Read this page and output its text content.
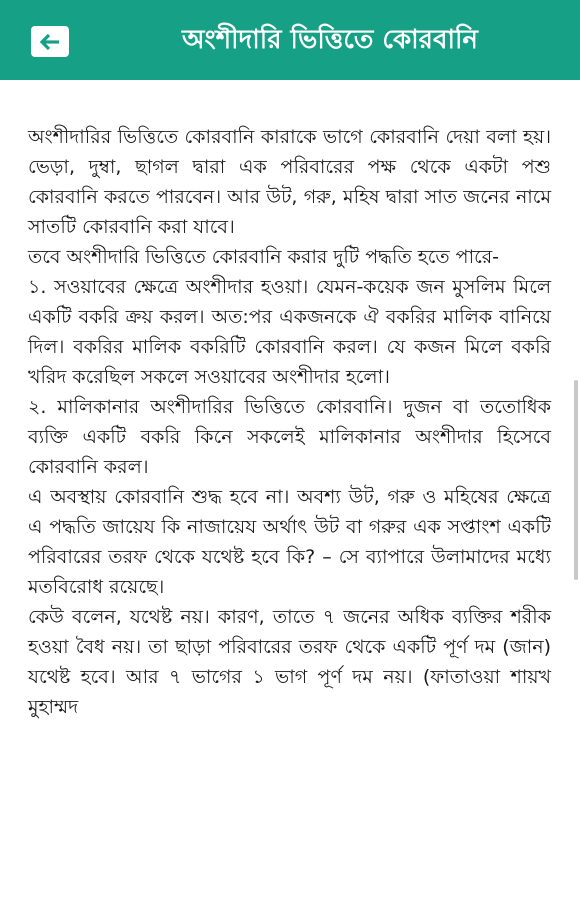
অংশীদারি ভিত্তিতে কোরবানি

অংশীদারির ভিত্তিতে কোরবানি কারাকে ভাগে কোরবানি দেয়া বলা হয়। ভেড়া, দুম্বা, ছাগল দ্বারা এক পরিবারের পক্ষ থেকে একটা পশু কোরবানি করতে পারবেন। আর উট, গরু, মহিষ দ্বারা সাত জনের নামে সাতটি কোরবানি করা যাবে।

তবে অংশীদারি ভিত্তিতে কোরবানি করার দুটি পদ্ধতি হতে পারে-

১. সওয়াবের ক্ষেত্রে অংশীদার হওয়া। যেমন-কয়েক জন মুসলিম মিলে একটি বকরি ক্রয় করল। অত:পর একজনকে ঐ বকরির মালিক বানিয়ে দিল। বকরির মালিক বকরিটি কোরবানি করল। যে কজন মিলে বকরি খরিদ করেছিল সকলে সওয়াবের অংশীদার হলো।

২. মালিকানার অংশীদারির ভিত্তিতে কোরবানি। দুজন বা ততোধিক ব্যক্তি একটি বকরি কিনে সকলেই মালিকানার অংশীদার হিসেবে কোরবানি করল।

এ অবস্থায় কোরবানি শুদ্ধ হবে না। অবশ্য উট, গরু ও মহিষের ক্ষেত্রে এ পদ্ধতি জায়েয কি নাজায়েয অর্থাৎ উট বা গরুর এক সপ্তাংশ একটি পরিবারের তরফ থেকে যথেষ্ট হবে কি? – সে ব্যাপারে উলামাদের মধ্যে মতবিরোধ রয়েছে।

কেউ বলেন, যথেষ্ট নয়। কারণ, তাতে ৭ জনের অধিক ব্যক্তির শরীক হওয়া বৈধ নয়। তা ছাড়া পরিবারের তরফ থেকে একটি পূর্ণ দম (জান) যথেষ্ট হবে। আর ৭ ভাগের ১ ভাগ পূর্ণ দম নয়। (ফাতাওয়া শায়খ মুহাম্মদ
